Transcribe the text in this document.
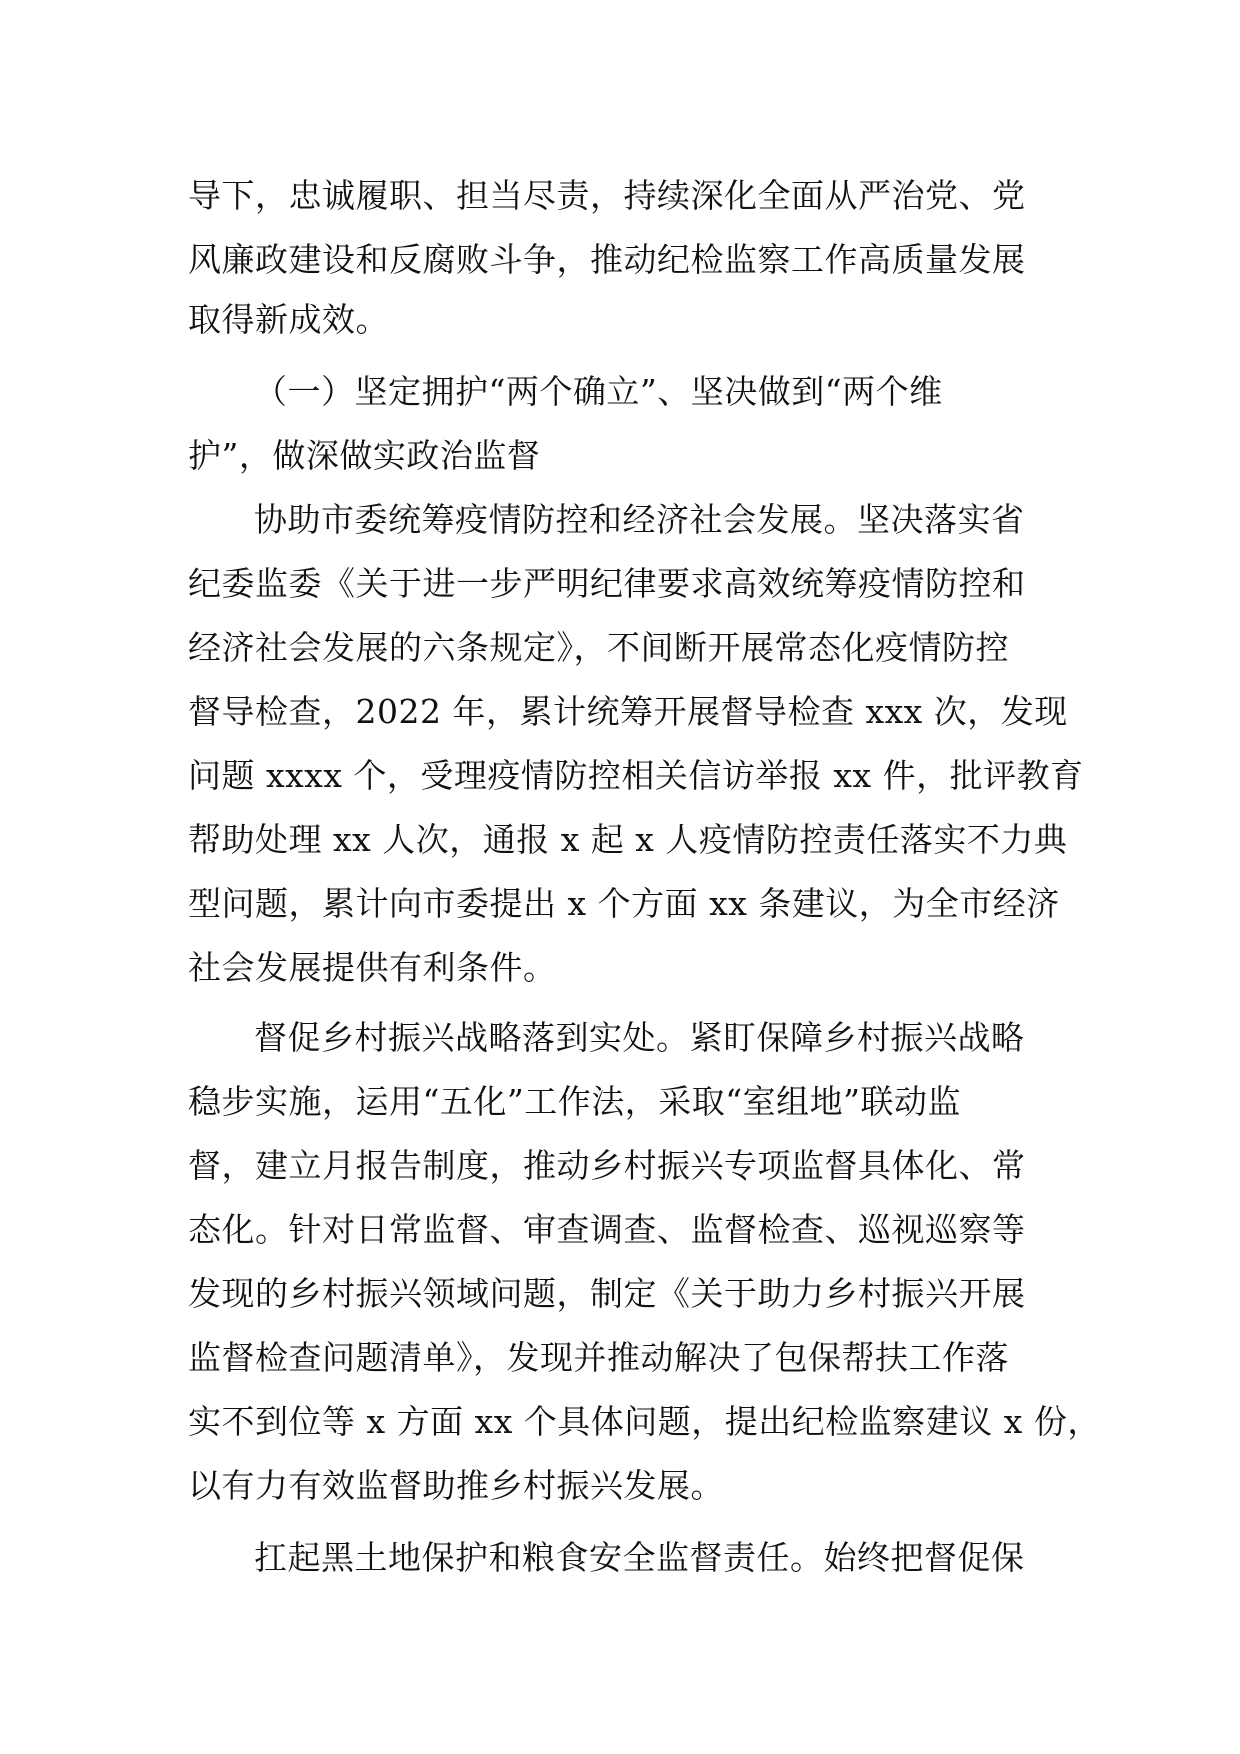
导下，忠诚履职、担当尽责，持续深化全面从严治党、党
风廉政建设和反腐败斗争，推动纪检监察工作高质量发展
取得新成效。
（一）坚定拥护“两个确立”、坚决做到“两个维
护”，做深做实政治监督
协助市委统筹疫情防控和经济社会发展。坚决落实省
纪委监委《关于进一步严明纪律要求高效统筹疫情防控和
经济社会发展的六条规定》，不间断开展常态化疫情防控
督导检查，2022 年，累计统筹开展督导检查 xxx 次，发现
问题 xxxx 个，受理疫情防控相关信访举报 xx 件，批评教育
帮助处理 xx 人次，通报 x 起 x 人疫情防控责任落实不力典
型问题，累计向市委提出 x 个方面 xx 条建议，为全市经济
社会发展提供有利条件。
督促乡村振兴战略落到实处。紧盯保障乡村振兴战略
稳步实施，运用“五化”工作法，采取“室组地”联动监
督，建立月报告制度，推动乡村振兴专项监督具体化、常
态化。针对日常监督、审查调查、监督检查、巡视巡察等
发现的乡村振兴领域问题，制定《关于助力乡村振兴开展
监督检查问题清单》，发现并推动解决了包保帮扶工作落
实不到位等 x 方面 xx 个具体问题，提出纪检监察建议 x 份，
以有力有效监督助推乡村振兴发展。
扛起黑土地保护和粮食安全监督责任。始终把督促保
